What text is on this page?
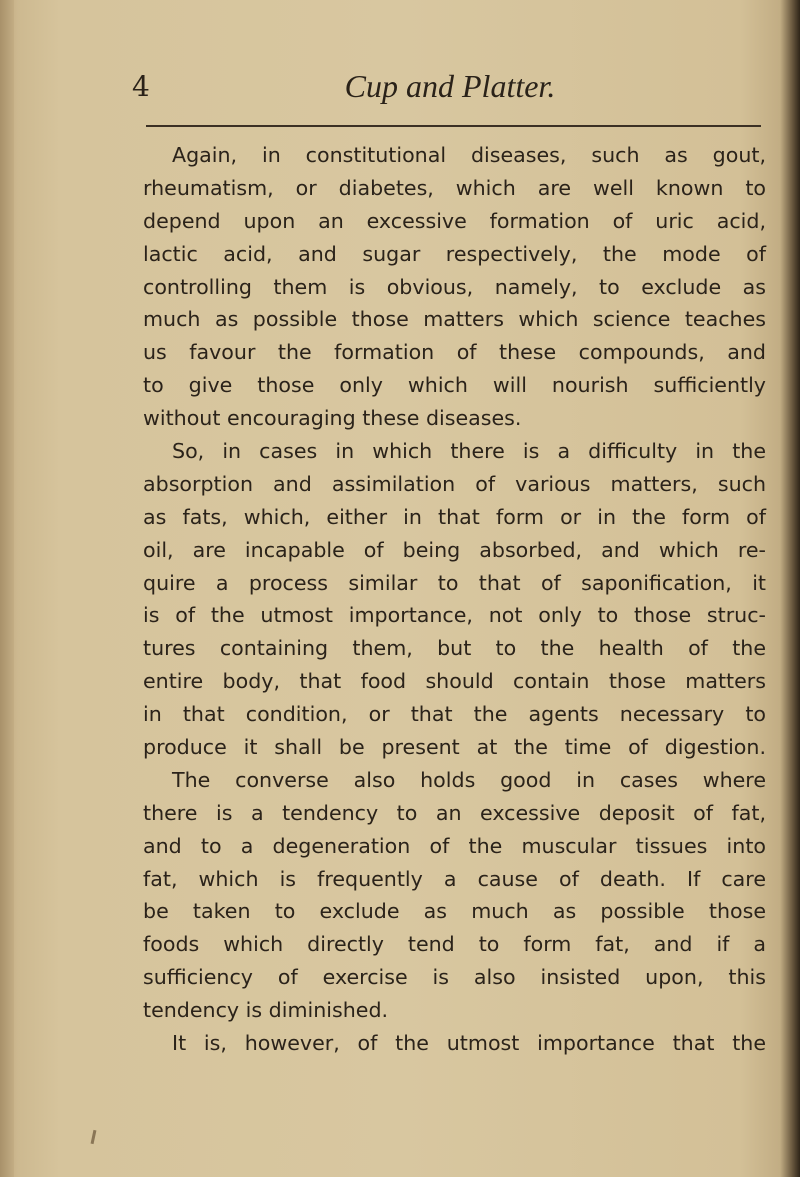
4	Cup and Platter.
Again, in constitutional diseases, such as gout,
rheumatism, or diabetes, which are well known to
depend upon an excessive formation of uric acid,
lactic acid, and sugar respectively, the mode of
controlling them is obvious, namely, to exclude as
much as possible those matters which science teaches
us favour the formation of these compounds, and
to give those only which will nourish sufficiently
without encouraging these diseases.
So, in cases in which there is a difficulty in the
absorption and assimilation of various matters, such
as fats, which, either in that form or in the form of
oil, are incapable of being absorbed, and which re-
quire a process similar to that of saponification, it
is of the utmost importance, not only to those struc-
tures containing them, but to the health of the
entire body, that food should contain those matters
in that condition, or that the agents necessary to
produce it shall be present at the time of digestion.
The converse also holds good in cases where
there is a tendency to an excessive deposit of fat,
and to a degeneration of the muscular tissues into
fat, which is frequently a cause of death. If care
be taken to exclude as much as possible those
foods which directly tend to form fat, and if a
sufficiency of exercise is also insisted upon, this
tendency is diminished.
It is, however, of the utmost importance that the
